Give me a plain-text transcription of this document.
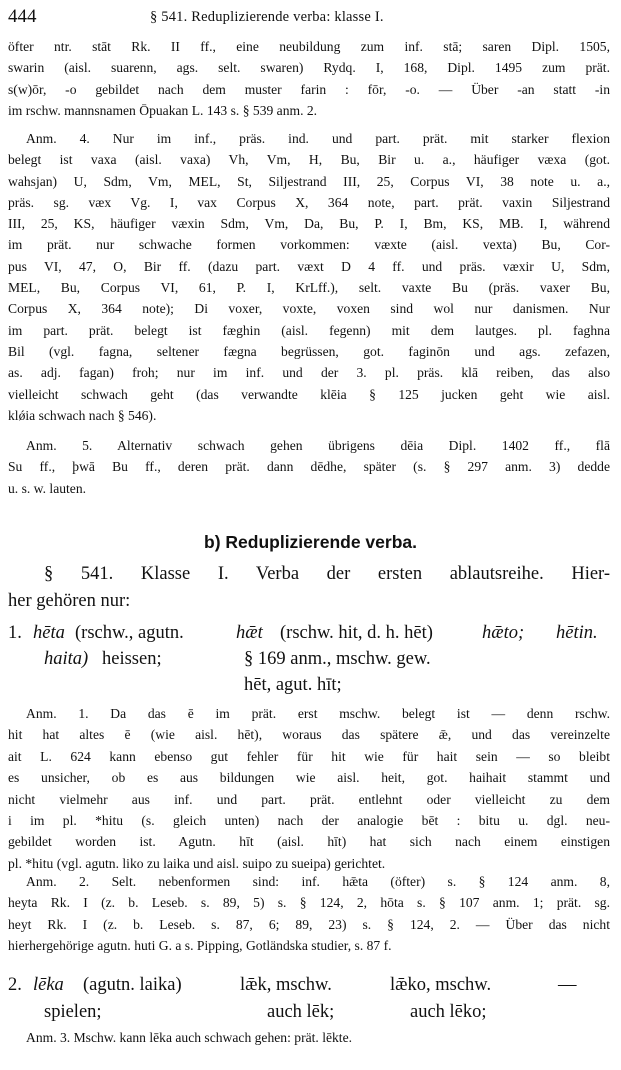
444	§ 541. Reduplizierende verba: klasse I.
öfter ntr. stāt Rk. II ff., eine neubildung zum inf. stā; saren Dipl. 1505,
swarin (aisl. suarenn, ags. selt. swaren) Rydq. I, 168, Dipl. 1495 zum prät.
s(w)ōr, -o gebildet nach dem muster farin : fōr, -o. — Über -an statt -in
im rschw. mannsnamen Ōpuakan L. 143 s. § 539 anm. 2.
Anm. 4. Nur im inf., präs. ind. und part. prät. mit starker flexion
belegt ist vaxa (aisl. vaxa) Vh, Vm, H, Bu, Bir u. a., häufiger væxa (got.
wahsjan) U, Sdm, Vm, MEL, St, Siljestrand III, 25, Corpus VI, 38 note u. a.,
präs. sg. væx Vg. I, vax Corpus X, 364 note, part. prät. vaxin Siljestrand
III, 25, KS, häufiger væxin Sdm, Vm, Da, Bu, P. I, Bm, KS, MB. I, während
im prät. nur schwache formen vorkommen: væxte (aisl. vexta) Bu, Cor-
pus VI, 47, O, Bir ff. (dazu part. væxt D 4 ff. und präs. væxir U, Sdm,
MEL, Bu, Corpus VI, 61, P. I, KrLff.), selt. vaxte Bu (präs. vaxer Bu,
Corpus X, 364 note); Di voxer, voxte, voxen sind wol nur danismen. Nur
im part. prät. belegt ist fæghin (aisl. fegenn) mit dem lautges. pl. faghna
Bil (vgl. fagna, seltener fægna begrüssen, got. faginōn und ags. zefazen,
as. adj. fagan) froh; nur im inf. und der 3. pl. präs. klā reiben, das also
vielleicht schwach geht (das verwandte klēia § 125 jucken geht wie aisl.
klǿia schwach nach § 546).
Anm. 5. Alternativ schwach gehen übrigens dēia Dipl. 1402 ff., flā
Su ff., þwā Bu ff., deren prät. dann dēdhe, später (s. § 297 anm. 3) dedde
u. s. w. lauten.
b) Reduplizierende verba.
§ 541. Klasse I. Verba der ersten ablautsreihe. Hier-
her gehören nur:
1. hēta (rschw., agutn.	hǣt (rschw. hit, d. h. hēt)	hǣto; hētin.
haita) heissen;	§ 169 anm., mschw. gew.
hēt, agut. hīt;
Anm. 1. Da das ē im prät. erst mschw. belegt ist — denn rschw.
hit hat altes ē (wie aisl. hēt), woraus das spätere ǣ, und das vereinzelte
ait L. 624 kann ebenso gut fehler für hit wie für hait sein — so bleibt
es unsicher, ob es aus bildungen wie aisl. heit, got. haihait stammt und
nicht vielmehr aus inf. und part. prät. entlehnt oder vielleicht zu dem
i im pl. *hitu (s. gleich unten) nach der analogie bēt : bitu u. dgl. neu-
gebildet worden ist. Agutn. hīt (aisl. hīt) hat sich nach einem einstigen
pl. *hitu (vgl. agutn. liko zu laika und aisl. suipo zu sueipa) gerichtet.
Anm. 2. Selt. nebenformen sind: inf. hǣta (öfter) s. § 124 anm. 8,
heyta Rk. I (z. b. Leseb. s. 89, 5) s. § 124, 2, hōta s. § 107 anm. 1; prät. sg.
heyt Rk. I (z. b. Leseb. s. 87, 6; 89, 23) s. § 124, 2. — Über das nicht
hierhergehörige agutn. huti G. a s. Pipping, Gotländska studier, s. 87 f.
2. lēka (agutn. laika)	lǣk, mschw.	lǣko, mschw.	—
spielen;	auch lēk;	auch lēko;
Anm. 3. Mschw. kann lēka auch schwach gehen: prät. lēkte.
